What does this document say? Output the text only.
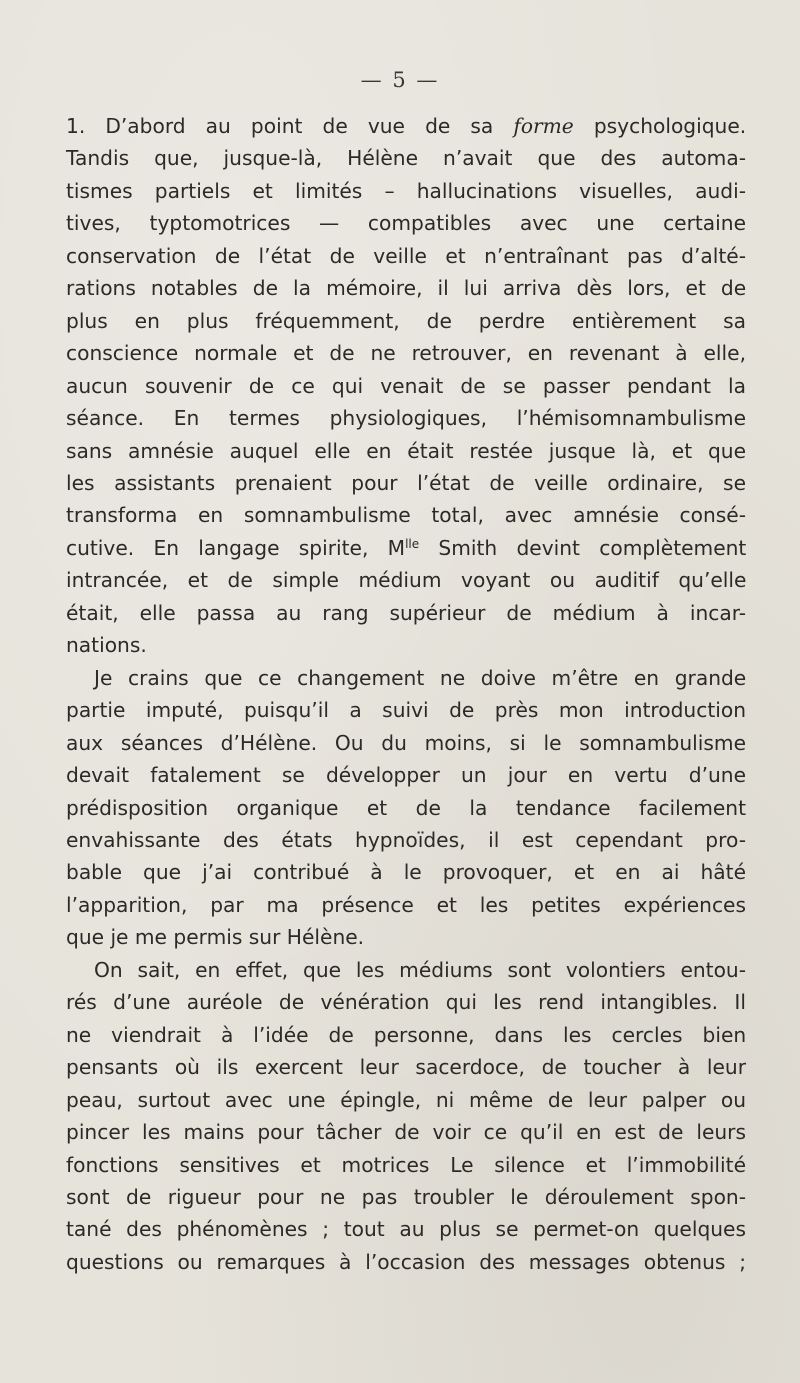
— 5 —
1. D’abord au point de vue de sa forme psychologique.
Tandis que, jusque-là, Hélène n’avait que des automa-
tismes partiels et limités – hallucinations visuelles, audi-
tives, typtomotrices — compatibles avec une certaine
conservation de l’état de veille et n’entraînant pas d’alté-
rations notables de la mémoire, il lui arriva dès lors, et de
plus en plus fréquemment, de perdre entièrement sa
conscience normale et de ne retrouver, en revenant à elle,
aucun souvenir de ce qui venait de se passer pendant la
séance. En termes physiologiques, l’hémisomnambulisme
sans amnésie auquel elle en était restée jusque là, et que
les assistants prenaient pour l’état de veille ordinaire, se
transforma en somnambulisme total, avec amnésie consé-
cutive. En langage spirite, $M^{lle}$ Smith devint complètement
intrancée, et de simple médium voyant ou auditif qu’elle
était, elle passa au rang supérieur de médium à incar-
nations.
Je crains que ce changement ne doive m’être en grande
partie imputé, puisqu’il a suivi de près mon introduction
aux séances d’Hélène. Ou du moins, si le somnambulisme
devait fatalement se développer un jour en vertu d’une
prédisposition organique et de la tendance facilement
envahissante des états hypnoïdes, il est cependant pro-
bable que j’ai contribué à le provoquer, et en ai hâté
l’apparition, par ma présence et les petites expériences
que je me permis sur Hélène.
On sait, en effet, que les médiums sont volontiers entou-
rés d’une auréole de vénération qui les rend intangibles. Il
ne viendrait à l’idée de personne, dans les cercles bien
pensants où ils exercent leur sacerdoce, de toucher à leur
peau, surtout avec une épingle, ni même de leur palper ou
pincer les mains pour tâcher de voir ce qu’il en est de leurs
fonctions sensitives et motrices Le silence et l’immobilité
sont de rigueur pour ne pas troubler le déroulement spon-
tané des phénomènes ; tout au plus se permet-on quelques
questions ou remarques à l’occasion des messages obtenus ;
